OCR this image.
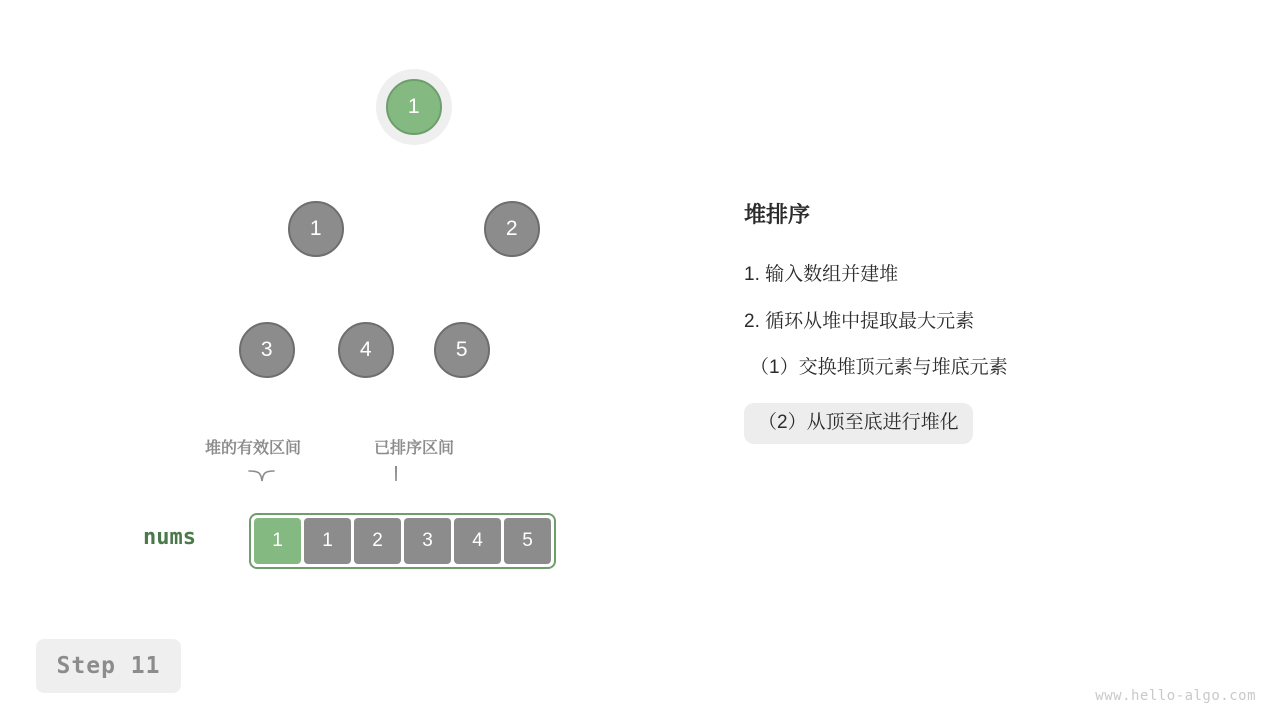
1
1	2
3	4	5
堆的有效区间	已排序区间
nums	1 1 2 3 4 5
堆排序
1. 输入数组并建堆
2. 循环从堆中提取最大元素
（1）交换堆顶元素与堆底元素
（2）从顶至底进行堆化
Step 11
www.hello-algo.com
